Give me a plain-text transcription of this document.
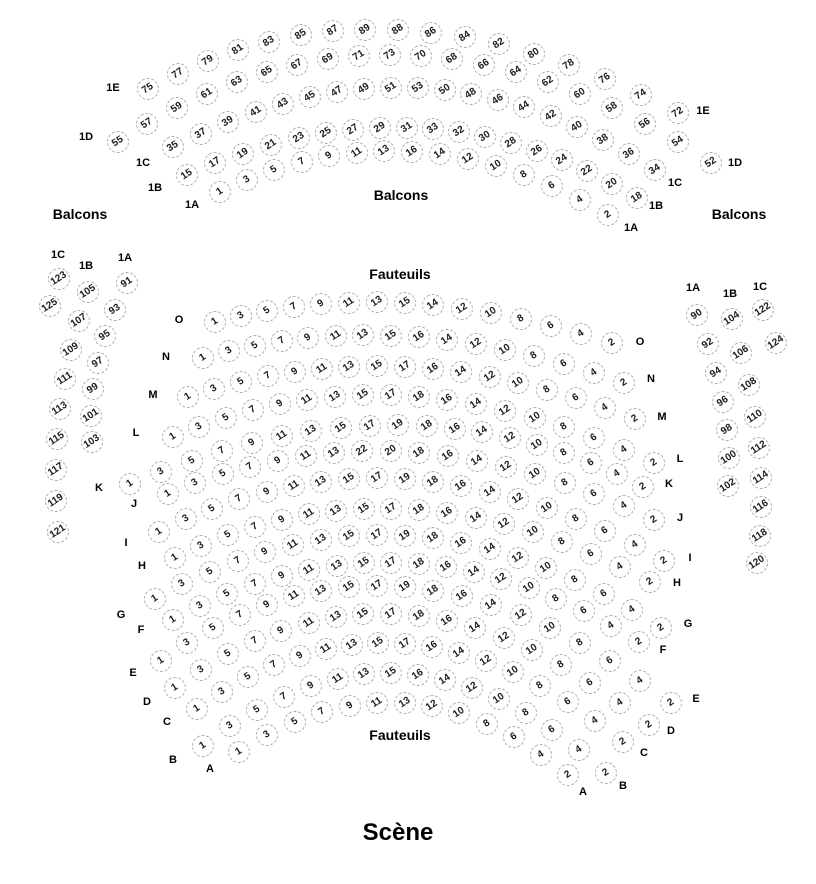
Balcons
Balcons
Balcons
Fauteuils
Fauteuils
Scène
1
3
5
7	9	11	13	16	14	12	10
8
6
4
2
1A
1A
15
17
19
21	23	25	27	29	31	33	32	30	28
26
24
22
20
18
1B
1B
35
37
39
41
43	45	47	49	51	53	50	48	46	44
42
40
38
36
34
1C
1C
55
57
59
61
63
65	67	69	71	73	70	68	66	64
62
60
58
56
54
52
1D
1D
75
77
79
81
83	85	87	89	88	86	84	82
80
78
76
74
72
1E
1E
1
3	5	7	9	11	13	15	14	12	10	8
6
4
2
O
O
1
3	5	7	9	11	13	15	16	14	12	10	8
6
4
2
N
N
1
3
5	7	9	11	13	15	17	16	14	12	10	8
6
4
2
M
M
1
3
5
7	9	11	13	15	17	18	16	14	12	10
8
6
4
2
L
L
1
3
5
7
9	11	13	15	17	19	18	16	14	12	10
8
6
4
2
K	K
1
3
5
7	9	11	13	22	20	18	16	14	12	10
8
6
4
2
J
J
1
3
5
7
9	11	13	15	17	19	18	16	14	12
10
8
6
4
2
I
I
1
3
5
7
9	11	13	15	17	18	16	14	12
10
8
6
4
2
H
H
1
3
5
7
9	11	13	15	17	19	18	16	14
12
10
8
6
4
2
G
G
1
3
5
7
9	11	13	15	17	18	16	14	12
10
8
6
4
2
F
F
1
3
5
7
9
11	13	15	17	19	18	16
14
12
10
8
6
4
2
E
E
1
3
5
7
9
11	13	15	17	18	16	14
12
10
8
6
4
2
D
D
1
3
5
7
9	11	13	15	17	16	14
12
10
8
6
4
2
C
C
1
3
5
7
9	11	13	15	16	14
12
10
8
6
4
2
B
B
1
3
5
7
9	11	13	12	10
8
6
4
2
A
A
123
125
1C
105
107
109
111
113
115
117
119
121
1B
91
93
95
97
99
101
103
1A
90
92
94
96
98
100
102
1A
104
106
108
110
112
114
116
118
120
1B
122
124
1C
